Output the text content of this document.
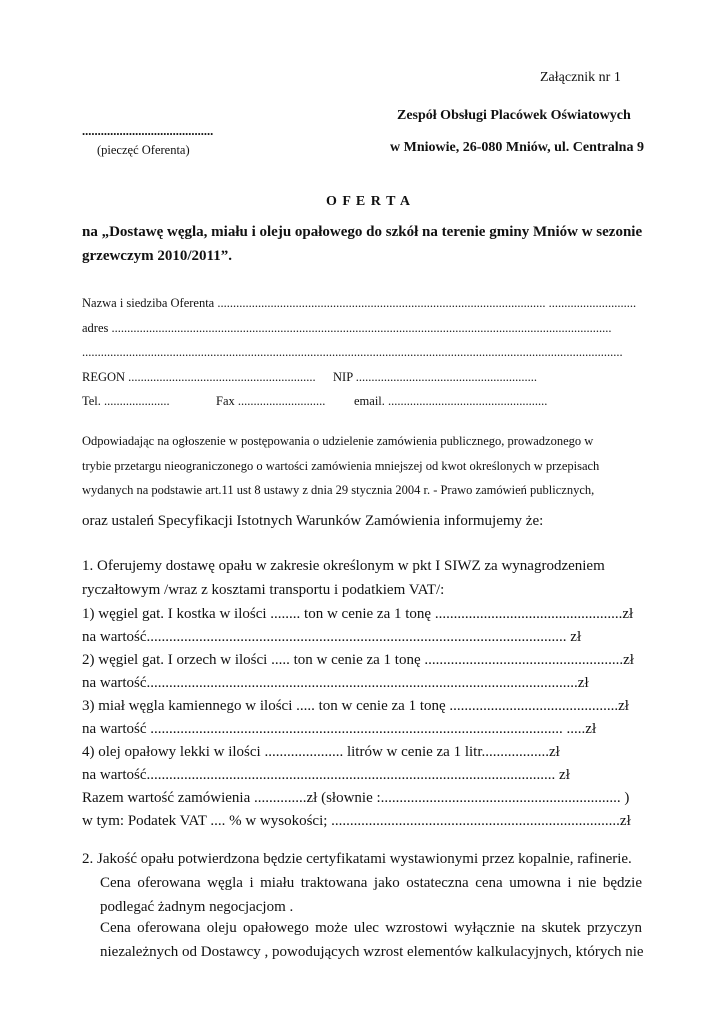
Załącznik nr 1
..........................................
(pieczęć Oferenta)
Zespół Obsługi Placówek Oświatowych
w Mniowie, 26-080 Mniów, ul. Centralna 9
O F E R T A
na „Dostawę węgla, miału i oleju opałowego do szkół na terenie gminy Mniów w sezonie
grzewczym 2010/2011”.
Nazwa i siedziba Oferenta ......................................................................................................... ............................
adres ................................................................................................................................................................
.............................................................................................................................................................................
REGON ............................................................ NIP ..........................................................
Tel. .....................	Fax ............................ email. ...................................................
Odpowiadając na ogłoszenie w postępowania o udzielenie zamówienia publicznego, prowadzonego w
trybie przetargu nieograniczonego o wartości zamówienia mniejszej od kwot określonych w przepisach
wydanych na podstawie art.11 ust 8 ustawy z dnia 29 stycznia 2004 r. - Prawo zamówień publicznych,
oraz ustaleń Specyfikacji Istotnych Warunków Zamówienia informujemy że:
1. Oferujemy dostawę opału w zakresie określonym w pkt I SIWZ za wynagrodzeniem
ryczałtowym /wraz z kosztami transportu i podatkiem VAT/:
1) węgiel gat. I kostka w ilości ........ ton w cenie za 1 tonę ..................................................zł
na wartość................................................................................................................ zł
2) węgiel gat. I orzech w ilości ..... ton w cenie za 1 tonę .....................................................zł
na wartość...................................................................................................................zł
3) miał węgla kamiennego w ilości ..... ton w cenie za 1 tonę .............................................zł
na wartość .............................................................................................................. .....zł
4) olej opałowy lekki w ilości ..................... litrów w cenie za 1 litr..................zł
na wartość............................................................................................................. zł
Razem wartość zamówienia ..............zł (słownie :................................................................ )
w tym: Podatek VAT .... % w wysokości; .............................................................................zł
2. Jakość opału potwierdzona będzie certyfikatami wystawionymi przez kopalnie, rafinerie.
Cena oferowana węgla i miału traktowana jako ostateczna cena umowna i nie będzie
podlegać żadnym negocjacjom .
Cena oferowana oleju opałowego może ulec wzrostowi wyłącznie na skutek przyczyn
niezależnych od Dostawcy , powodujących wzrost elementów kalkulacyjnych, których nie
